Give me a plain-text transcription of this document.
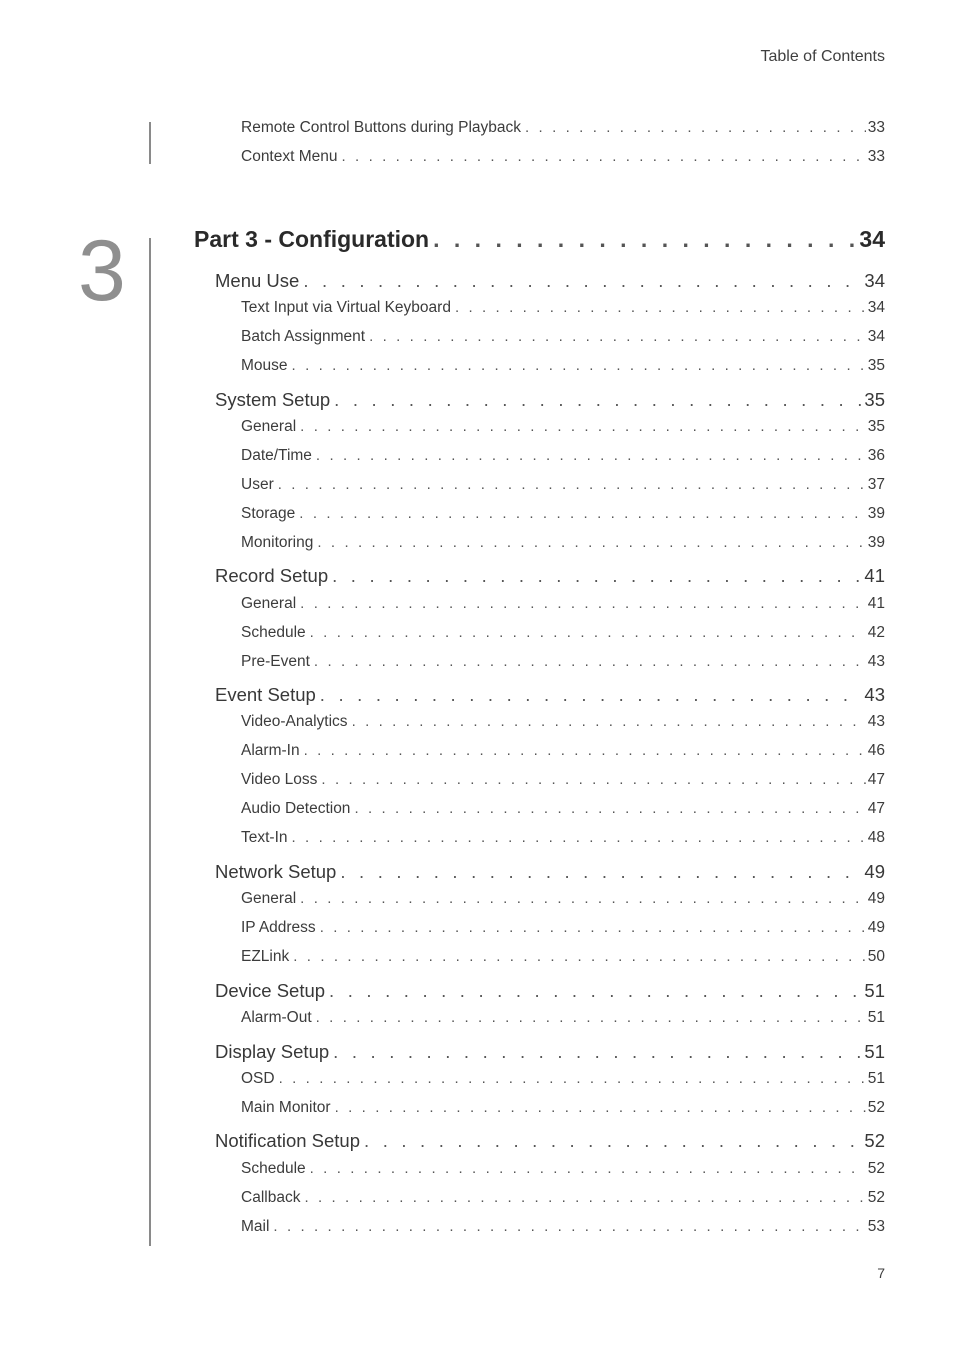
Table of Contents
3
Remote Control Buttons during Playback . . .	33
Context Menu . . .	33
Part 3 - Configuration . . .	34
Menu Use . . .	34
Text Input via Virtual Keyboard . . .	34
Batch Assignment . . .	34
Mouse . . .	35
System Setup . . .	35
General . . .	35
Date/Time . . .	36
User . . .	37
Storage . . .	39
Monitoring . . .	39
Record Setup . . .	41
General . . .	41
Schedule . . .	42
Pre-Event . . .	43
Event Setup . . .	43
Video-Analytics . . .	43
Alarm-In . . .	46
Video Loss . . .	47
Audio Detection . . .	47
Text-In . . .	48
Network Setup . . .	49
General . . .	49
IP Address . . .	49
EZLink . . .	50
Device Setup . . .	51
Alarm-Out . . .	51
Display Setup . . .	51
OSD . . .	51
Main Monitor . . .	52
Notification Setup . . .	52
Schedule . . .	52
Callback . . .	52
Mail . . .	53
7
